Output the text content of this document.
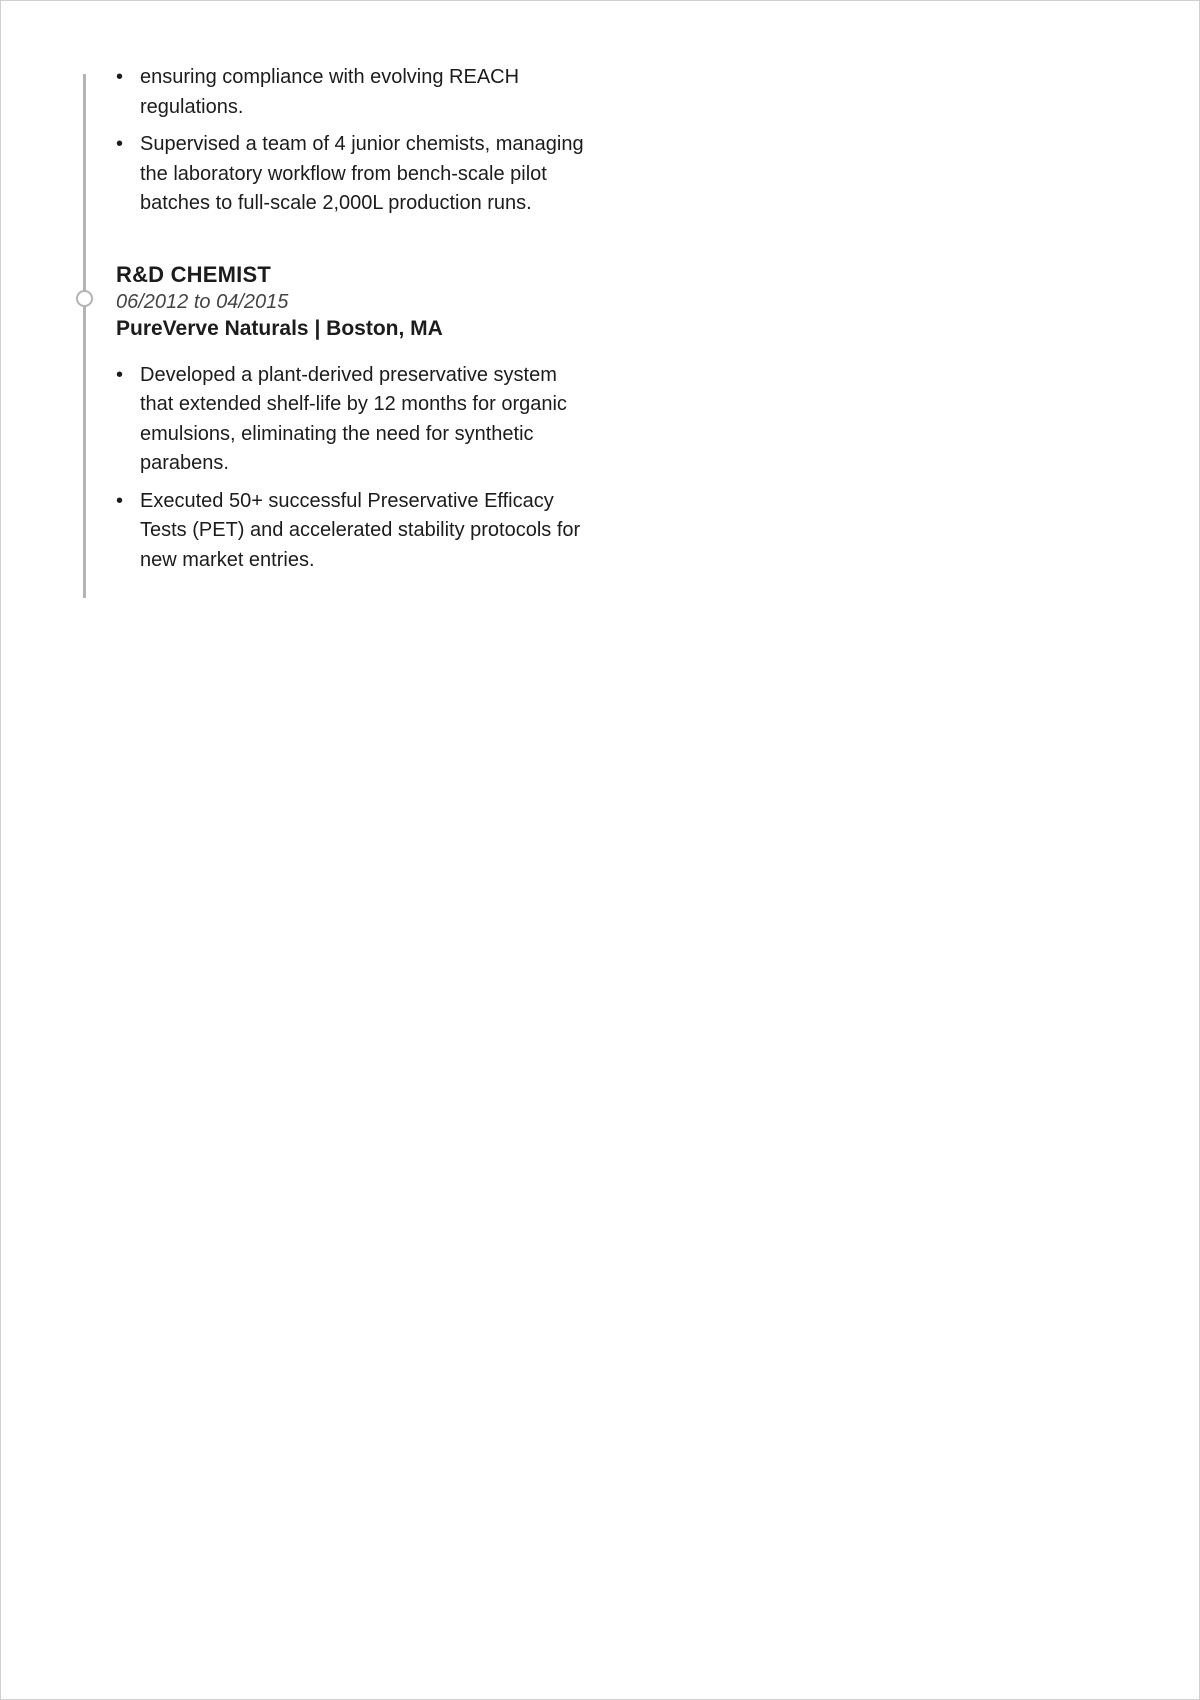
• ensuring compliance with evolving REACH regulations.
• Supervised a team of 4 junior chemists, managing the laboratory workflow from bench-scale pilot batches to full-scale 2,000L production runs.
R&D CHEMIST
06/2012 to 04/2015
PureVerve Naturals | Boston, MA
• Developed a plant-derived preservative system that extended shelf-life by 12 months for organic emulsions, eliminating the need for synthetic parabens.
• Executed 50+ successful Preservative Efficacy Tests (PET) and accelerated stability protocols for new market entries.
